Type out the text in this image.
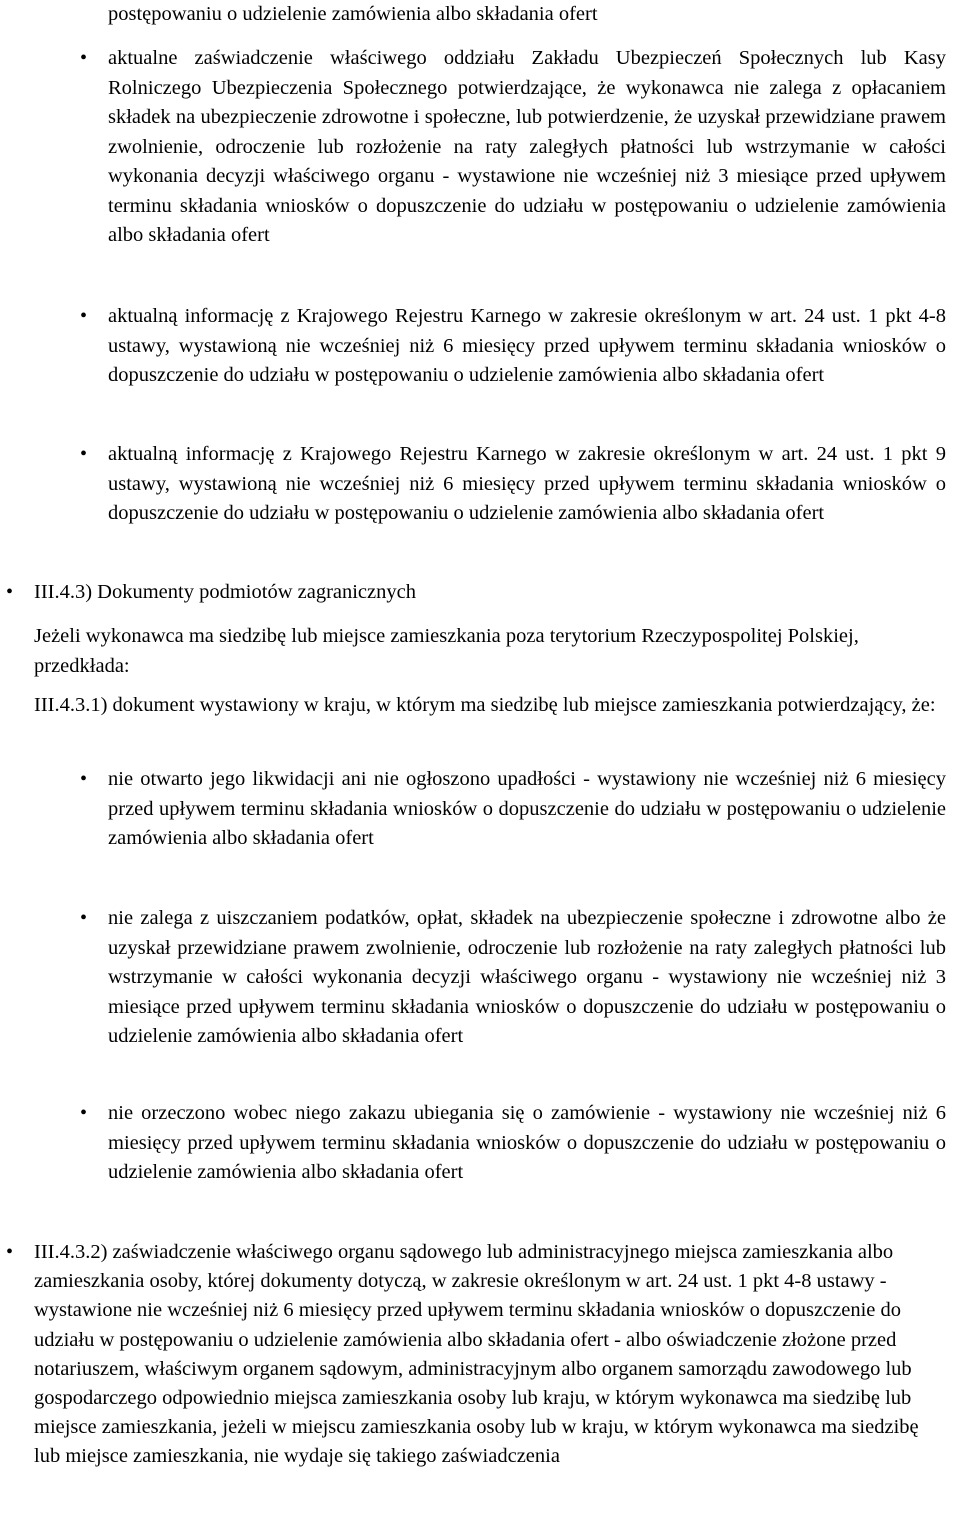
postępowaniu o udzielenie zamówienia albo składania ofert
• aktualne zaświadczenie właściwego oddziału Zakładu Ubezpieczeń Społecznych lub Kasy Rolniczego Ubezpieczenia Społecznego potwierdzające, że wykonawca nie zalega z opłacaniem składek na ubezpieczenie zdrowotne i społeczne, lub potwierdzenie, że uzyskał przewidziane prawem zwolnienie, odroczenie lub rozłożenie na raty zaległych płatności lub wstrzymanie w całości wykonania decyzji właściwego organu - wystawione nie wcześniej niż 3 miesiące przed upływem terminu składania wniosków o dopuszczenie do udziału w postępowaniu o udzielenie zamówienia albo składania ofert
• aktualną informację z Krajowego Rejestru Karnego w zakresie określonym w art. 24 ust. 1 pkt 4-8 ustawy, wystawioną nie wcześniej niż 6 miesięcy przed upływem terminu składania wniosków o dopuszczenie do udziału w postępowaniu o udzielenie zamówienia albo składania ofert
• aktualną informację z Krajowego Rejestru Karnego w zakresie określonym w art. 24 ust. 1 pkt 9 ustawy, wystawioną nie wcześniej niż 6 miesięcy przed upływem terminu składania wniosków o dopuszczenie do udziału w postępowaniu o udzielenie zamówienia albo składania ofert
• III.4.3) Dokumenty podmiotów zagranicznych
Jeżeli wykonawca ma siedzibę lub miejsce zamieszkania poza terytorium Rzeczypospolitej Polskiej, przedkłada:
III.4.3.1) dokument wystawiony w kraju, w którym ma siedzibę lub miejsce zamieszkania potwierdzający, że:
• nie otwarto jego likwidacji ani nie ogłoszono upadłości - wystawiony nie wcześniej niż 6 miesięcy przed upływem terminu składania wniosków o dopuszczenie do udziału w postępowaniu o udzielenie zamówienia albo składania ofert
• nie zalega z uiszczaniem podatków, opłat, składek na ubezpieczenie społeczne i zdrowotne albo że uzyskał przewidziane prawem zwolnienie, odroczenie lub rozłożenie na raty zaległych płatności lub wstrzymanie w całości wykonania decyzji właściwego organu - wystawiony nie wcześniej niż 3 miesiące przed upływem terminu składania wniosków o dopuszczenie do udziału w postępowaniu o udzielenie zamówienia albo składania ofert
• nie orzeczono wobec niego zakazu ubiegania się o zamówienie - wystawiony nie wcześniej niż 6 miesięcy przed upływem terminu składania wniosków o dopuszczenie do udziału w postępowaniu o udzielenie zamówienia albo składania ofert
• III.4.3.2) zaświadczenie właściwego organu sądowego lub administracyjnego miejsca zamieszkania albo zamieszkania osoby, której dokumenty dotyczą, w zakresie określonym w art. 24 ust. 1 pkt 4-8 ustawy - wystawione nie wcześniej niż 6 miesięcy przed upływem terminu składania wniosków o dopuszczenie do udziału w postępowaniu o udzielenie zamówienia albo składania ofert - albo oświadczenie złożone przed notariuszem, właściwym organem sądowym, administracyjnym albo organem samorządu zawodowego lub gospodarczego odpowiednio miejsca zamieszkania osoby lub kraju, w którym wykonawca ma siedzibę lub miejsce zamieszkania, jeżeli w miejscu zamieszkania osoby lub w kraju, w którym wykonawca ma siedzibę lub miejsce zamieszkania, nie wydaje się takiego zaświadczenia
